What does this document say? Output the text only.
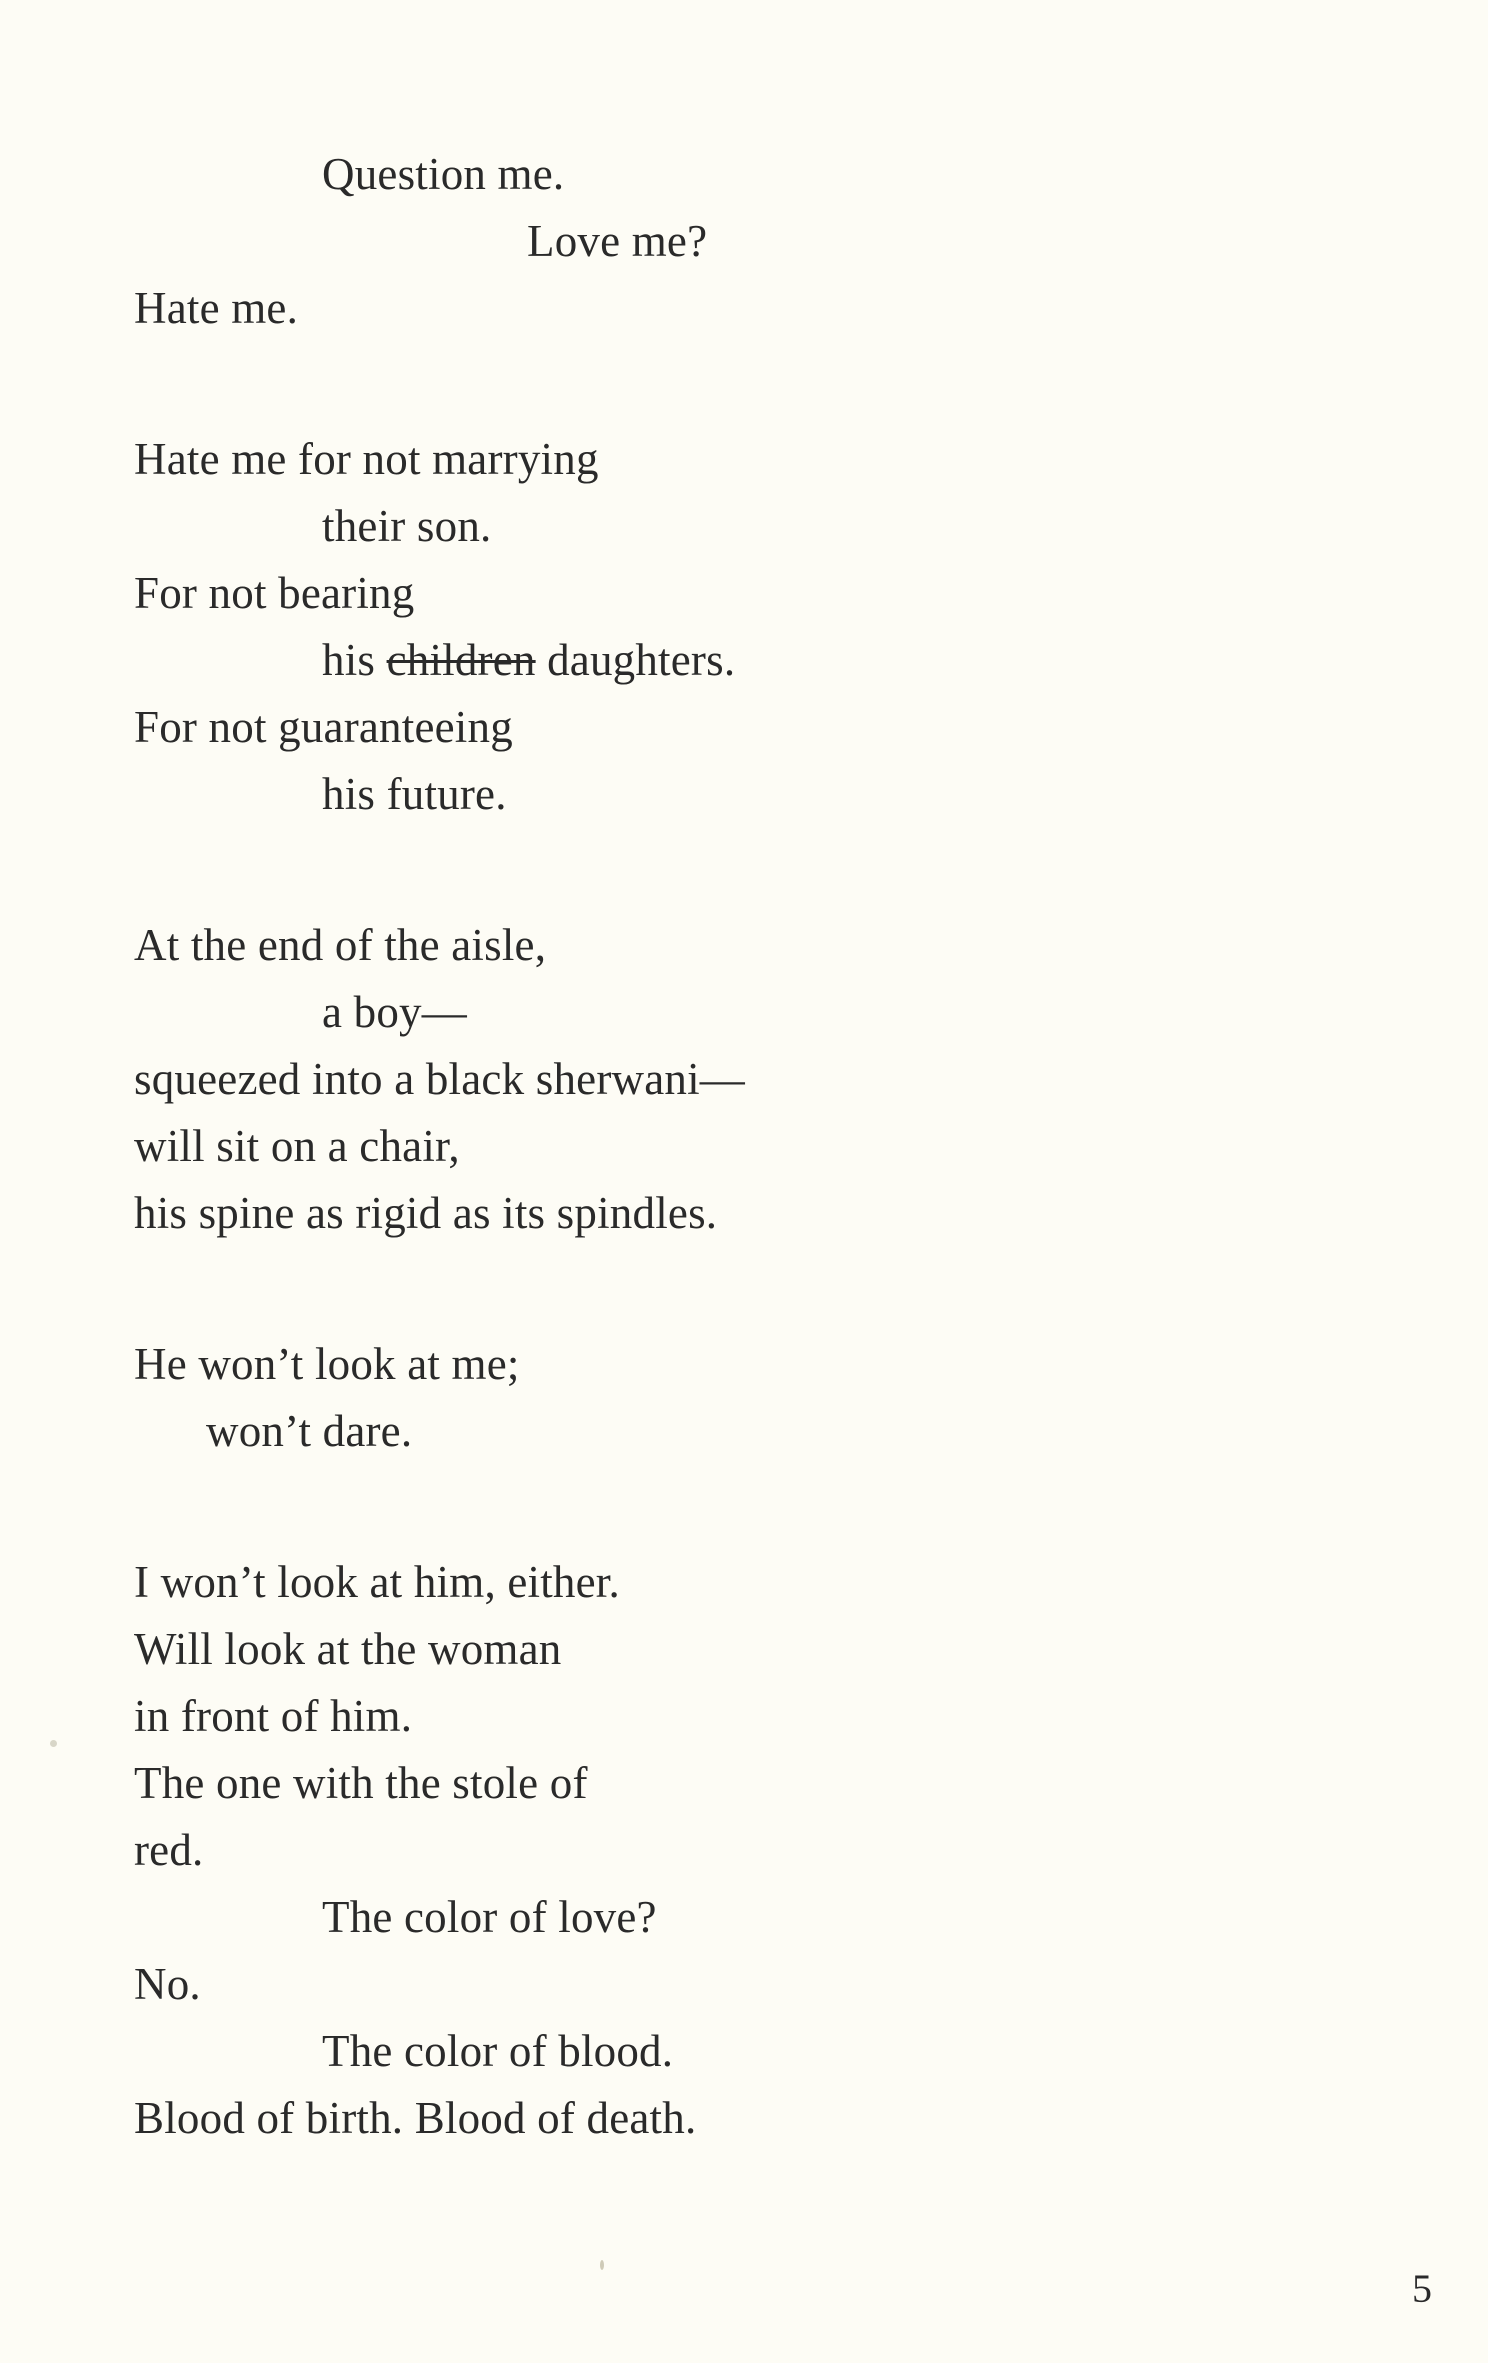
Question me.
Love me?
Hate me.
Hate me for not marrying
their son.
For not bearing
his children daughters.
For not guaranteeing
his future.
At the end of the aisle,
a boy—
squeezed into a black sherwani—
will sit on a chair,
his spine as rigid as its spindles.
He won’t look at me;
won’t dare.
I won’t look at him, either.
Will look at the woman
in front of him.
The one with the stole of
red.
The color of love?
No.
The color of blood.
Blood of birth. Blood of death.
5
